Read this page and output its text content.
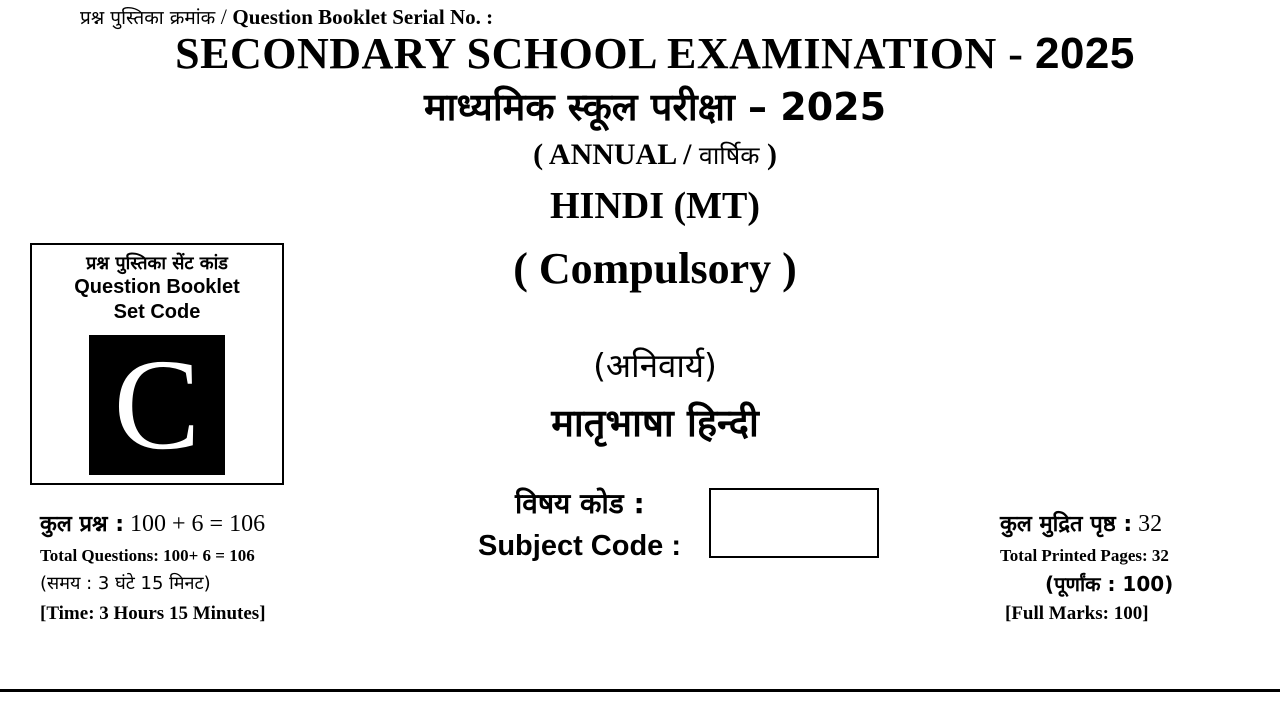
प्रश्न पुस्तिका क्रमांक / Question Booklet Serial No. :
SECONDARY SCHOOL EXAMINATION - 2025
माध्यमिक स्कूल परीक्षा – 2025
( ANNUAL / वार्षिक )
HINDI (MT)
( Compulsory )
(अनिवार्य)
मातृभाषा हिन्दी
प्रश्न पुस्तिका सेंट कांड
Question Booklet
Set Code
C
विषय कोड :
Subject Code :
कुल प्रश्न : 100 + 6 = 106
Total Questions: 100+ 6 = 106
(समय : 3 घंटे 15 मिनट)
[Time: 3 Hours 15 Minutes]
कुल मुद्रित पृष्ठ : 32
Total Printed Pages: 32
(पूर्णांक : 100)
[Full Marks: 100]
